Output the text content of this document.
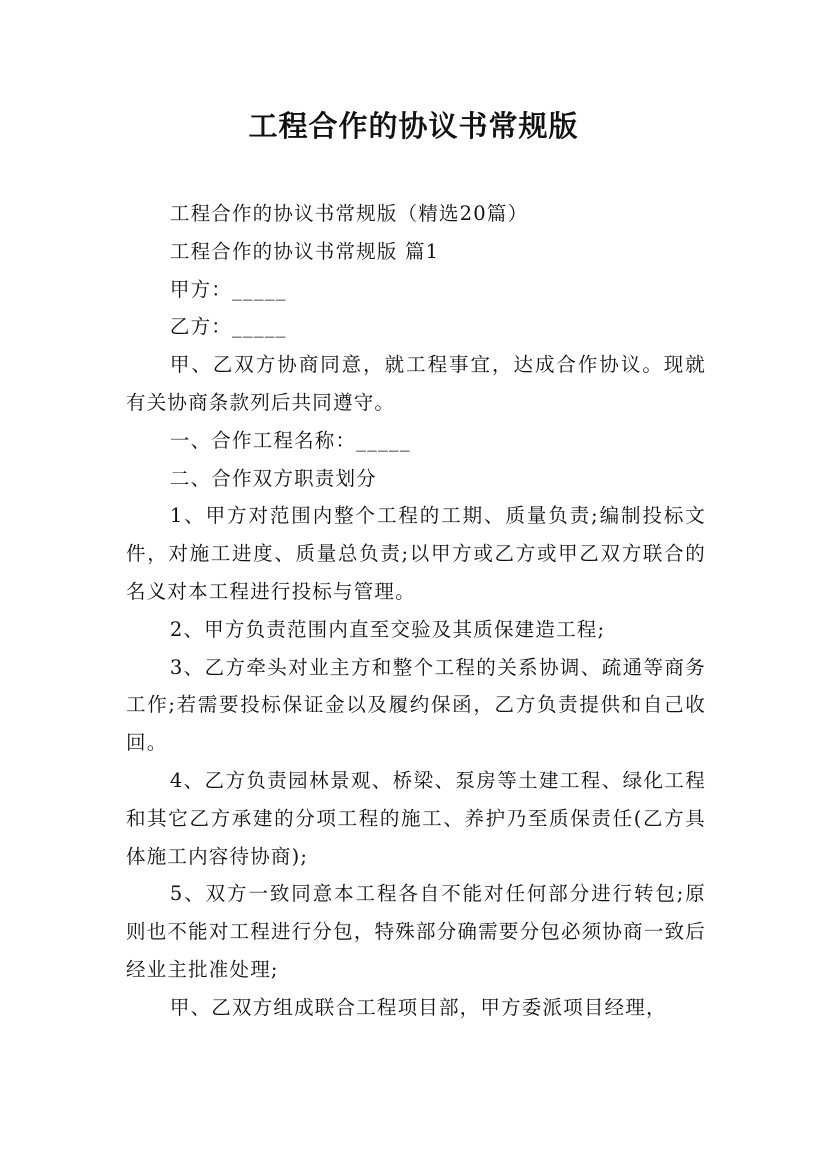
工程合作的协议书常规版

工程合作的协议书常规版（精选20篇）

工程合作的协议书常规版 篇1

甲方：_____

乙方：_____

甲、乙双方协商同意，就工程事宜，达成合作协议。现就有关协商条款列后共同遵守。

一、合作工程名称：_____

二、合作双方职责划分

1、甲方对范围内整个工程的工期、质量负责;编制投标文件，对施工进度、质量总负责;以甲方或乙方或甲乙双方联合的名义对本工程进行投标与管理。

2、甲方负责范围内直至交验及其质保建造工程;

3、乙方牵头对业主方和整个工程的关系协调、疏通等商务工作;若需要投标保证金以及履约保函，乙方负责提供和自己收回。

4、乙方负责园林景观、桥梁、泵房等土建工程、绿化工程和其它乙方承建的分项工程的施工、养护乃至质保责任(乙方具体施工内容待协商);

5、双方一致同意本工程各自不能对任何部分进行转包;原则也不能对工程进行分包，特殊部分确需要分包必须协商一致后经业主批准处理;

甲、乙双方组成联合工程项目部，甲方委派项目经理，
